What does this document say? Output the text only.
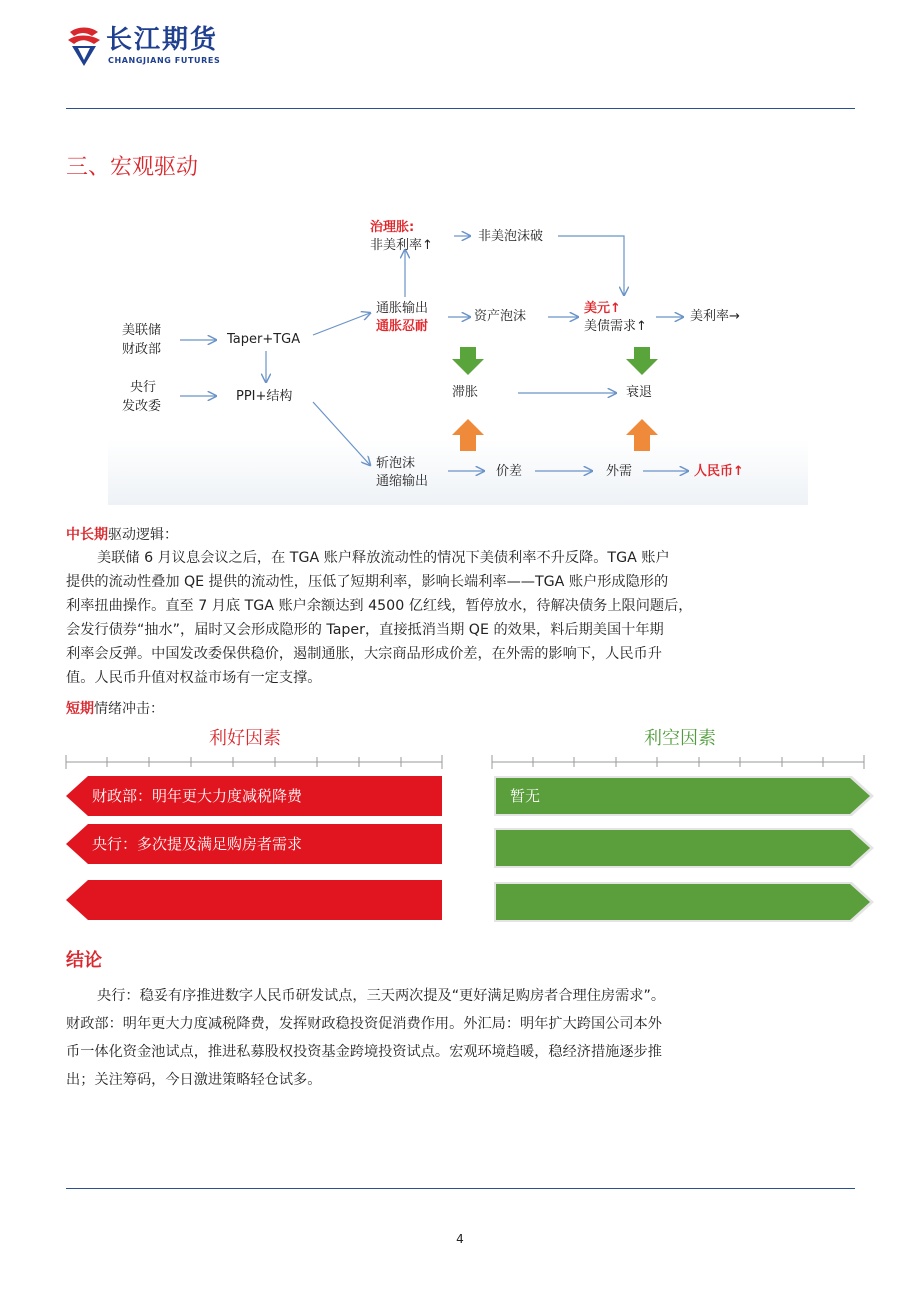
长江期货
CHANGJIANG FUTURES
三、宏观驱动
美联储
财政部
央行
发改委
Taper+TGA
PPI+结构
治理胀:
非美利率↑
非美泡沫破
通胀输出
通胀忍耐
资产泡沫
美元↑
美债需求↑
美利率→
滞胀	衰退
斩泡沫
通缩输出
价差	外需	人民币↑
中长期驱动逻辑：
美联储 6 月议息会议之后，在 TGA 账户释放流动性的情况下美债利率不升反降。TGA 账户
提供的流动性叠加 QE 提供的流动性，压低了短期利率，影响长端利率——TGA 账户形成隐形的
利率扭曲操作。直至 7 月底 TGA 账户余额达到 4500 亿红线，暂停放水，待解决债务上限问题后，
会发行债券“抽水”，届时又会形成隐形的 Taper，直接抵消当期 QE 的效果，料后期美国十年期
利率会反弹。中国发改委保供稳价，遏制通胀，大宗商品形成价差，在外需的影响下，人民币升
值。人民币升值对权益市场有一定支撑。
短期情绪冲击：
利好因素	利空因素
财政部：明年更大力度减税降费
央行：多次提及满足购房者需求
暂无
结论
央行：稳妥有序推进数字人民币研发试点，三天两次提及“更好满足购房者合理住房需求”。
财政部：明年更大力度减税降费，发挥财政稳投资促消费作用。外汇局：明年扩大跨国公司本外
币一体化资金池试点，推进私募股权投资基金跨境投资试点。宏观环境趋暖，稳经济措施逐步推
出；关注筹码，今日激进策略轻仓试多。
4
